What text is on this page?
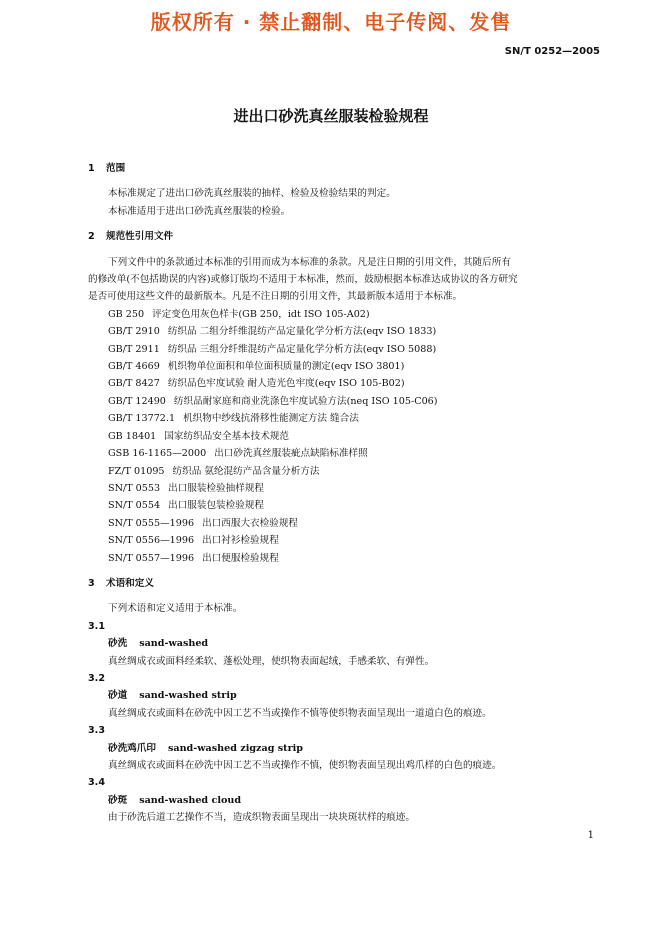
版权所有 · 禁止翻制、电子传阅、发售
SN/T 0252—2005
进出口砂洗真丝服装检验规程
1 范围
本标准规定了进出口砂洗真丝服装的抽样、检验及检验结果的判定。
本标准适用于进出口砂洗真丝服装的检验。
2 规范性引用文件
下列文件中的条款通过本标准的引用而成为本标准的条款。凡是注日期的引用文件，其随后所有
的修改单(不包括勘误的内容)或修订版均不适用于本标准，然而，鼓励根据本标准达成协议的各方研究
是否可使用这些文件的最新版本。凡是不注日期的引用文件，其最新版本适用于本标准。
GB 250 评定变色用灰色样卡(GB 250，idt ISO 105-A02)
GB/T 2910 纺织品 二组分纤维混纺产品定量化学分析方法(eqv ISO 1833)
GB/T 2911 纺织品 三组分纤维混纺产品定量化学分析方法(eqv ISO 5088)
GB/T 4669 机织物单位面积和单位面积质量的测定(eqv ISO 3801)
GB/T 8427 纺织品色牢度试验 耐人造光色牢度(eqv ISO 105-B02)
GB/T 12490 纺织品耐家庭和商业洗涤色牢度试验方法(neq ISO 105-C06)
GB/T 13772.1 机织物中纱线抗滑移性能测定方法 缝合法
GB 18401 国家纺织品安全基本技术规范
GSB 16-1165—2000 出口砂洗真丝服装疵点缺陷标准样照
FZ/T 01095 纺织品 氨纶混纺产品含量分析方法
SN/T 0553 出口服装检验抽样规程
SN/T 0554 出口服装包装检验规程
SN/T 0555—1996 出口西服大衣检验规程
SN/T 0556—1996 出口衬衫检验规程
SN/T 0557—1996 出口便服检验规程
3 术语和定义
下列术语和定义适用于本标准。
3.1
砂洗 sand-washed
真丝绸成衣或面料经柔软、蓬松处理，使织物表面起绒，手感柔软、有弹性。
3.2
砂道 sand-washed strip
真丝绸成衣或面料在砂洗中因工艺不当或操作不慎等使织物表面呈现出一道道白色的痕迹。
3.3
砂洗鸡爪印 sand-washed zigzag strip
真丝绸成衣或面料在砂洗中因工艺不当或操作不慎，使织物表面呈现出鸡爪样的白色的痕迹。
3.4
砂斑 sand-washed cloud
由于砂洗后道工艺操作不当，造成织物表面呈现出一块块斑状样的痕迹。
1
